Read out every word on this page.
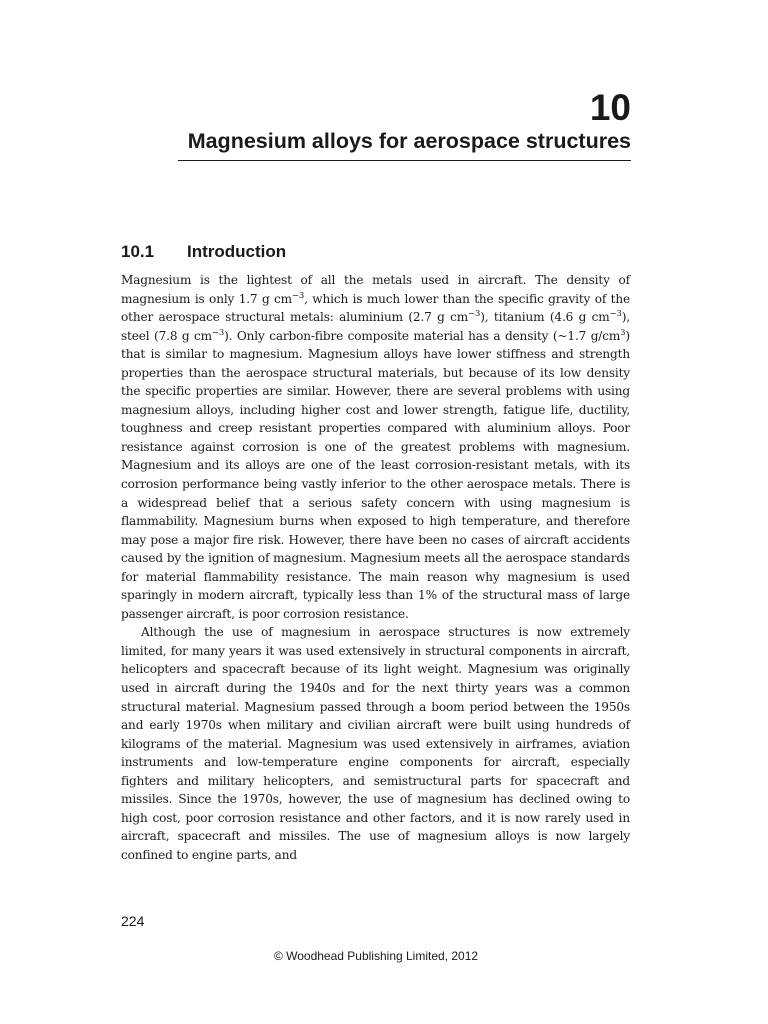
10
Magnesium alloys for aerospace structures
10.1 Introduction

Magnesium is the lightest of all the metals used in aircraft. The density of magnesium is only 1.7 g $cm^{-3}$, which is much lower than the specific gravity of the other aerospace structural metals: aluminium (2.7 g $cm^{-3}$), titanium (4.6 g $cm^{-3}$), steel (7.8 g $cm^{-3}$). Only carbon-fibre composite material has a density (~1.7 $g/cm^3$) that is similar to magnesium. Magnesium alloys have lower stiffness and strength properties than the aerospace structural materials, but because of its low density the specific properties are similar. However, there are several problems with using magnesium alloys, including higher cost and lower strength, fatigue life, ductility, toughness and creep resistant properties compared with aluminium alloys. Poor resistance against corrosion is one of the greatest problems with magnesium. Magnesium and its alloys are one of the least corrosion-resistant metals, with its corrosion performance being vastly inferior to the other aerospace metals. There is a widespread belief that a serious safety concern with using magnesium is flammability. Magnesium burns when exposed to high temperature, and therefore may pose a major fire risk. However, there have been no cases of aircraft accidents caused by the ignition of magnesium. Magnesium meets all the aerospace standards for material flammability resistance. The main reason why magnesium is used sparingly in modern aircraft, typically less than 1% of the structural mass of large passenger aircraft, is poor corrosion resistance.

Although the use of magnesium in aerospace structures is now extremely limited, for many years it was used extensively in structural components in aircraft, helicopters and spacecraft because of its light weight. Magnesium was originally used in aircraft during the 1940s and for the next thirty years was a common structural material. Magnesium passed through a boom period between the 1950s and early 1970s when military and civilian aircraft were built using hundreds of kilograms of the material. Magnesium was used extensively in airframes, aviation instruments and low-temperature engine components for aircraft, especially fighters and military helicopters, and semistructural parts for spacecraft and missiles. Since the 1970s, however, the use of magnesium has declined owing to high cost, poor corrosion resistance and other factors, and it is now rarely used in aircraft, spacecraft and missiles. The use of magnesium alloys is now largely confined to engine parts, and

224

© Woodhead Publishing Limited, 2012
